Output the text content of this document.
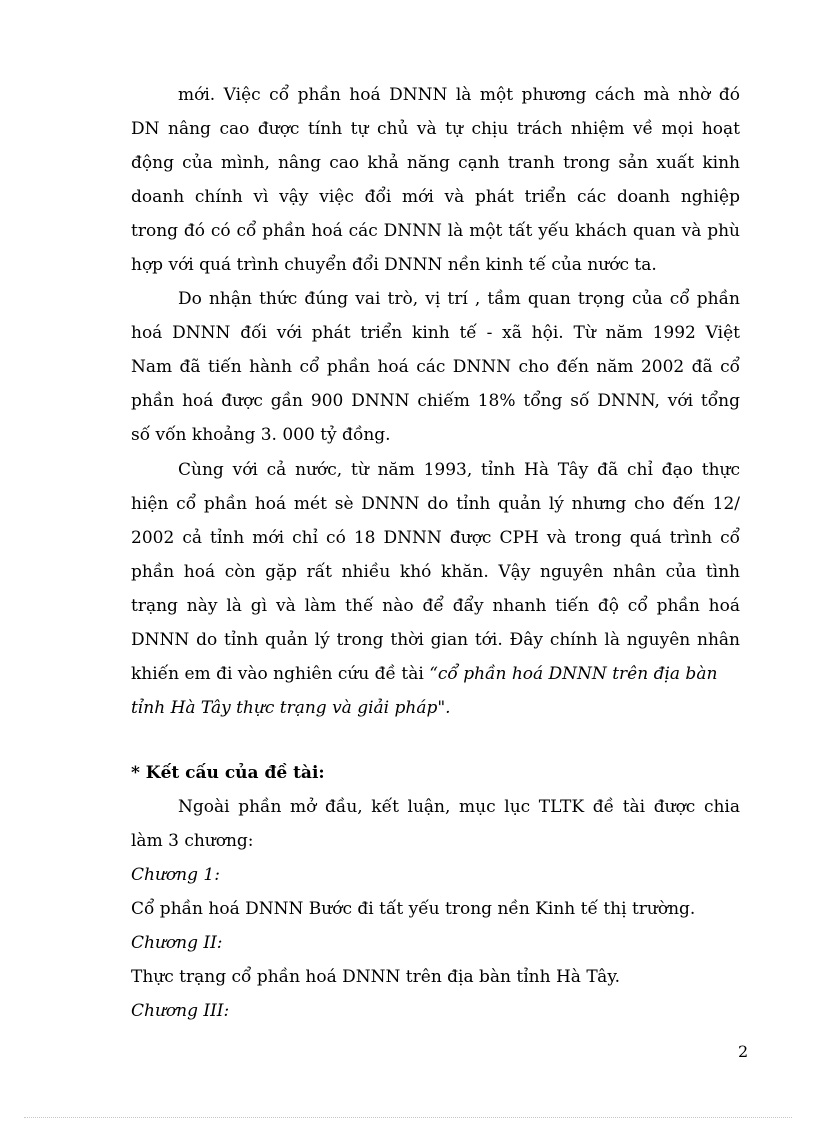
mới. Việc cổ phần hoá DNNN là một phương cách mà nhờ đó
DN nâng cao được tính tự chủ và tự chịu trách nhiệm về mọi hoạt
động của mình, nâng cao khả năng cạnh tranh trong sản xuất kinh
doanh chính vì vậy việc đổi mới và phát triển các doanh nghiệp
trong đó có cổ phần hoá các DNNN là một tất yếu khách quan và phù
hợp với quá trình chuyển đổi DNNN nền kinh tế của nước ta.
Do nhận thức đúng vai trò, vị trí , tầm quan trọng của cổ phần
hoá DNNN đối với phát triển kinh tế - xã hội. Từ năm 1992 Việt
Nam đã tiến hành cổ phần hoá các DNNN cho đến năm 2002 đã cổ
phần hoá được gần 900 DNNN chiếm 18% tổng số DNNN, với tổng
số vốn khoảng 3. 000 tỷ đồng.
Cùng với cả nước, từ năm 1993, tỉnh Hà Tây đã chỉ đạo thực
hiện cổ phần hoá mét sè DNNN do tỉnh quản lý nhưng cho đến 12/
2002 cả tỉnh mới chỉ có 18 DNNN được CPH và trong quá trình cổ
phần hoá còn gặp rất nhiều khó khăn. Vậy nguyên nhân của tình
trạng này là gì và làm thế nào để đẩy nhanh tiến độ cổ phần hoá
DNNN do tỉnh quản lý trong thời gian tới. Đây chính là nguyên nhân
khiến em đi vào nghiên cứu đề tài “cổ phần hoá DNNN trên địa bàn
tỉnh Hà Tây thực trạng và giải pháp".
* Kết cấu của đề tài:
Ngoài phần mở đầu, kết luận, mục lục TLTK đề tài được chia
làm 3 chương:
Chương 1:
Cổ phần hoá DNNN Bước đi tất yếu trong nền Kinh tế thị trường.
Chương II:
Thực trạng cổ phần hoá DNNN trên địa bàn tỉnh Hà Tây.
Chương III:
2
